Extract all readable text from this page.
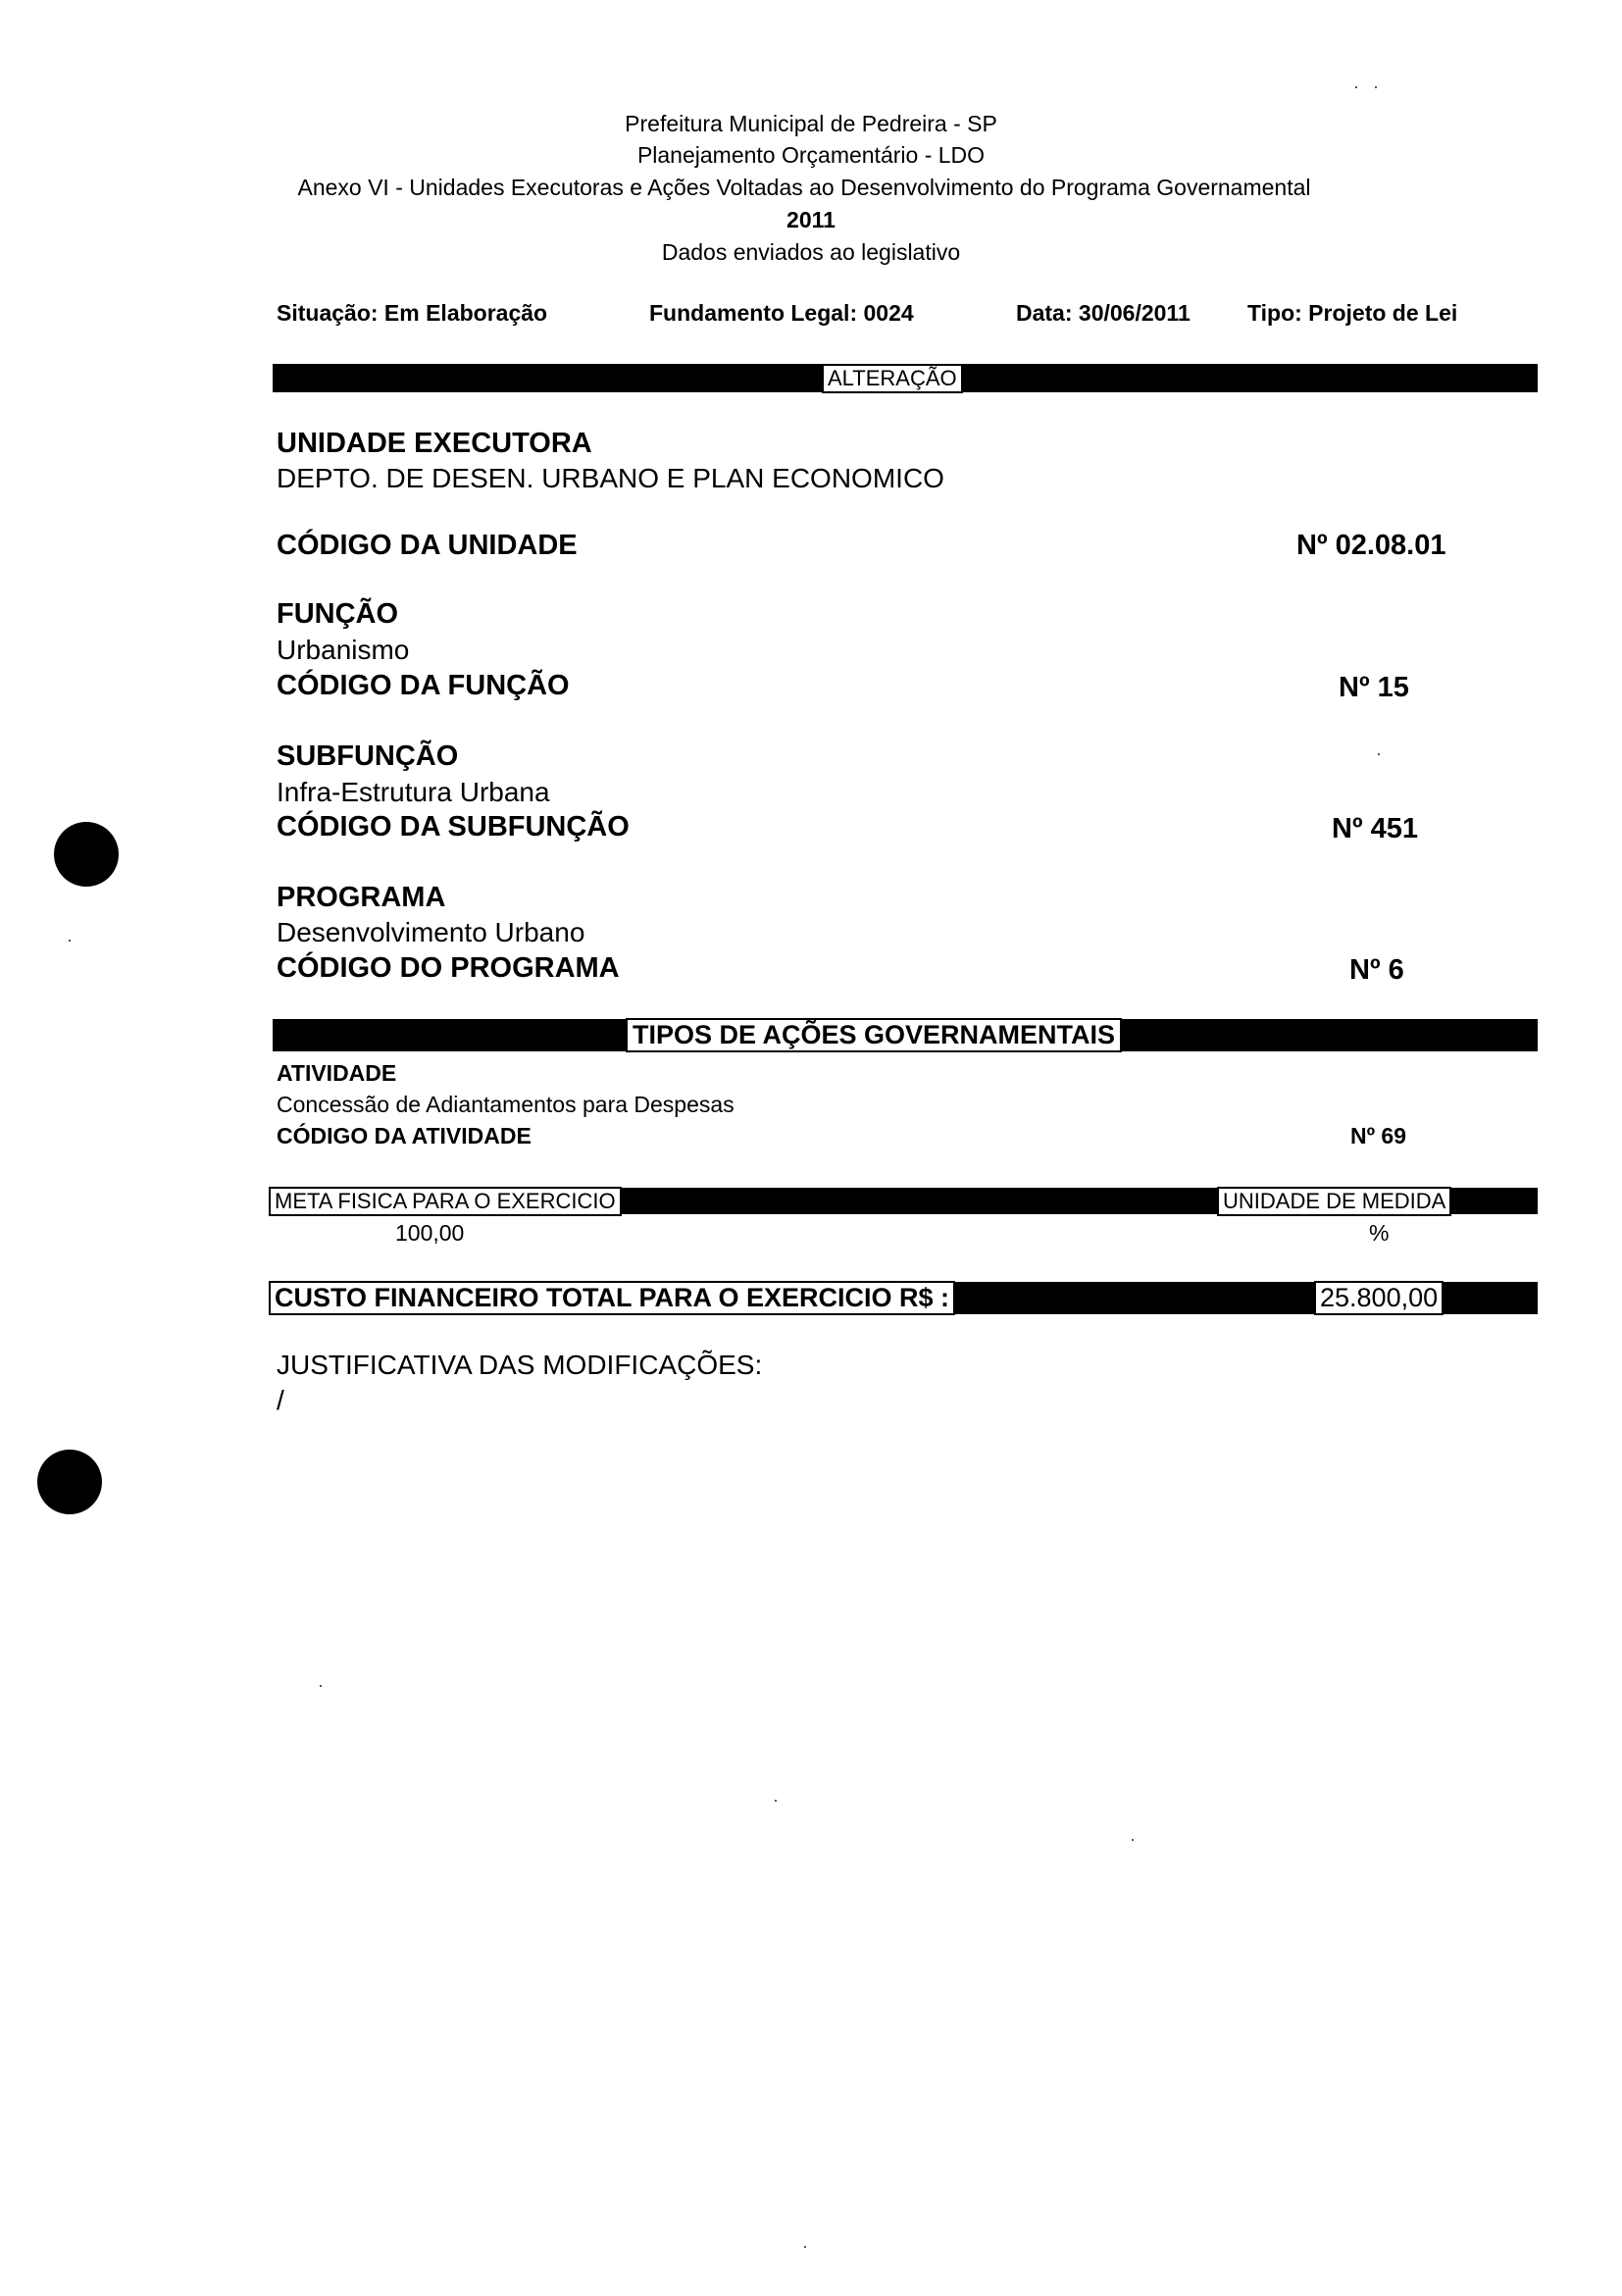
Prefeitura Municipal de Pedreira - SP
Planejamento Orçamentário - LDO
Anexo VI - Unidades Executoras e Ações Voltadas ao Desenvolvimento do Programa Governamental
2011
Dados enviados ao legislativo
Situação: Em Elaboração	Fundamento Legal: 0024	Data: 30/06/2011	Tipo: Projeto de Lei
ALTERAÇÃO
UNIDADE EXECUTORA
DEPTO. DE DESEN. URBANO E PLAN ECONOMICO
CÓDIGO DA UNIDADE	Nº 02.08.01
FUNÇÃO
Urbanismo
CÓDIGO DA FUNÇÃO	Nº 15
SUBFUNÇÃO
Infra-Estrutura Urbana
CÓDIGO DA SUBFUNÇÃO	Nº 451
PROGRAMA
Desenvolvimento Urbano
CÓDIGO DO PROGRAMA	Nº 6
TIPOS DE AÇÕES GOVERNAMENTAIS
ATIVIDADE
Concessão de Adiantamentos para Despesas
CÓDIGO DA ATIVIDADE	Nº 69
META FISICA PARA O EXERCICIO	UNIDADE DE MEDIDA
100,00	%
CUSTO FINANCEIRO TOTAL PARA O EXERCICIO R$ :	25.800,00
JUSTIFICATIVA DAS MODIFICAÇÕES:
/
